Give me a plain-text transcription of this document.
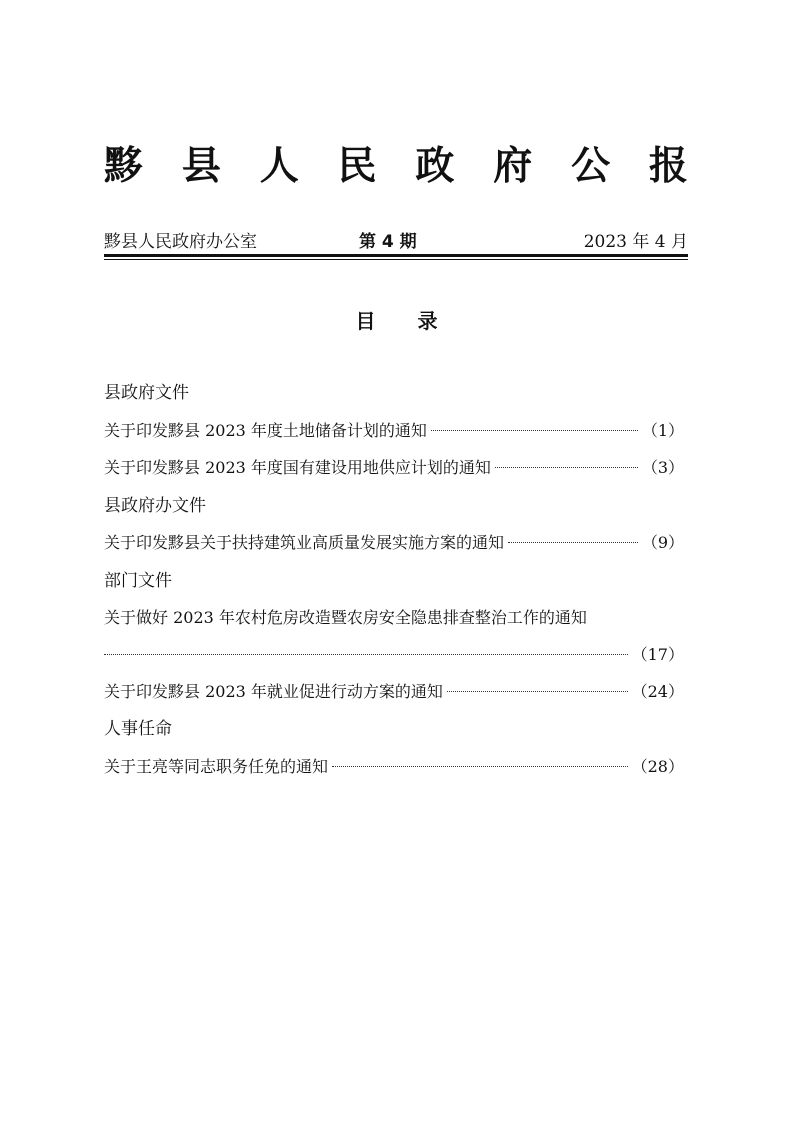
黟 县 人 民 政 府 公 报
黟县人民政府办公室	第 4 期	2023 年 4 月
目录
县政府文件
关于印发黟县 2023 年度土地储备计划的通知	（1）
关于印发黟县 2023 年度国有建设用地供应计划的通知	（3）
县政府办文件
关于印发黟县关于扶持建筑业高质量发展实施方案的通知	（9）
部门文件
关于做好 2023 年农村危房改造暨农房安全隐患排查整治工作的通知
（17）
关于印发黟县 2023 年就业促进行动方案的通知	（24）
人事任命
关于王亮等同志职务任免的通知	（28）
